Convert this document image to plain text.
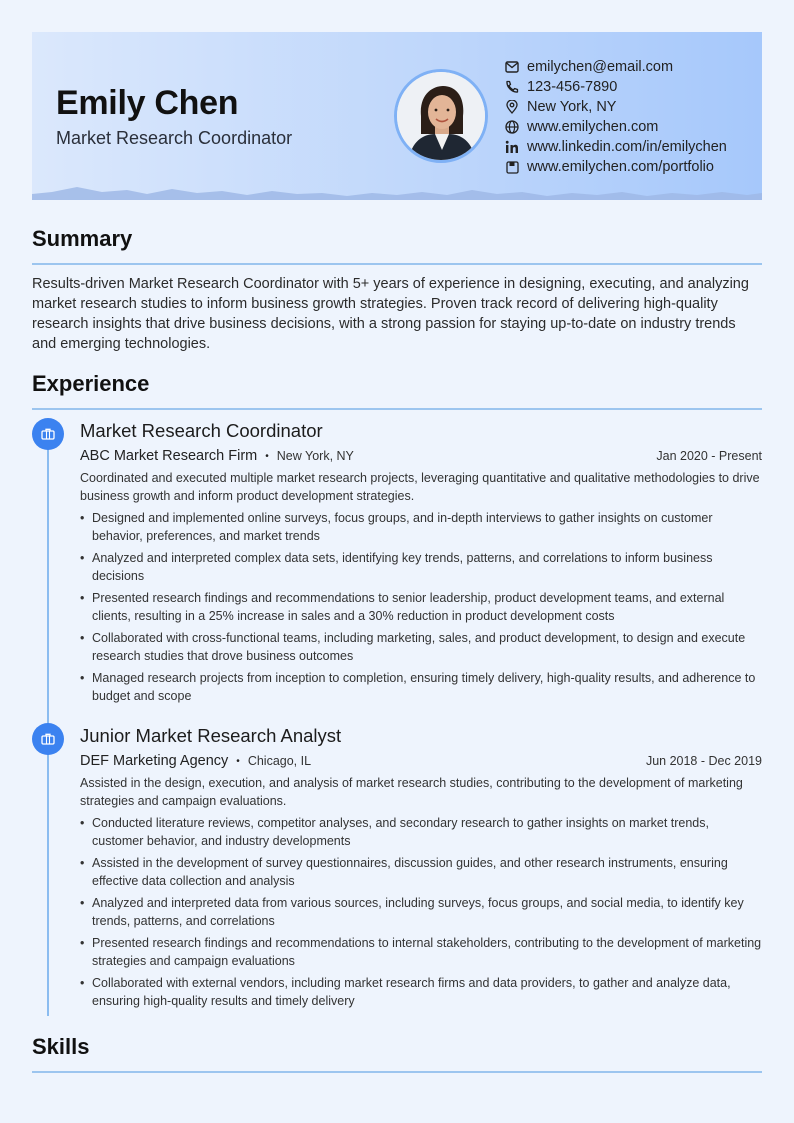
Emily Chen
Market Research Coordinator
emilychen@email.com
123-456-7890
New York, NY
www.emilychen.com
www.linkedin.com/in/emilychen
www.emilychen.com/portfolio
Summary
Results-driven Market Research Coordinator with 5+ years of experience in designing, executing, and analyzing market research studies to inform business growth strategies. Proven track record of delivering high-quality research insights that drive business decisions, with a strong passion for staying up-to-date on industry trends and emerging technologies.
Experience
Market Research Coordinator
ABC Market Research Firm • New York, NY	Jan 2020 - Present
Coordinated and executed multiple market research projects, leveraging quantitative and qualitative methodologies to drive business growth and inform product development strategies.
• Designed and implemented online surveys, focus groups, and in-depth interviews to gather insights on customer behavior, preferences, and market trends
• Analyzed and interpreted complex data sets, identifying key trends, patterns, and correlations to inform business decisions
• Presented research findings and recommendations to senior leadership, product development teams, and external clients, resulting in a 25% increase in sales and a 30% reduction in product development costs
• Collaborated with cross-functional teams, including marketing, sales, and product development, to design and execute research studies that drove business outcomes
• Managed research projects from inception to completion, ensuring timely delivery, high-quality results, and adherence to budget and scope
Junior Market Research Analyst
DEF Marketing Agency • Chicago, IL	Jun 2018 - Dec 2019
Assisted in the design, execution, and analysis of market research studies, contributing to the development of marketing strategies and campaign evaluations.
• Conducted literature reviews, competitor analyses, and secondary research to gather insights on market trends, customer behavior, and industry developments
• Assisted in the development of survey questionnaires, discussion guides, and other research instruments, ensuring effective data collection and analysis
• Analyzed and interpreted data from various sources, including surveys, focus groups, and social media, to identify key trends, patterns, and correlations
• Presented research findings and recommendations to internal stakeholders, contributing to the development of marketing strategies and campaign evaluations
• Collaborated with external vendors, including market research firms and data providers, to gather and analyze data, ensuring high-quality results and timely delivery
Skills
